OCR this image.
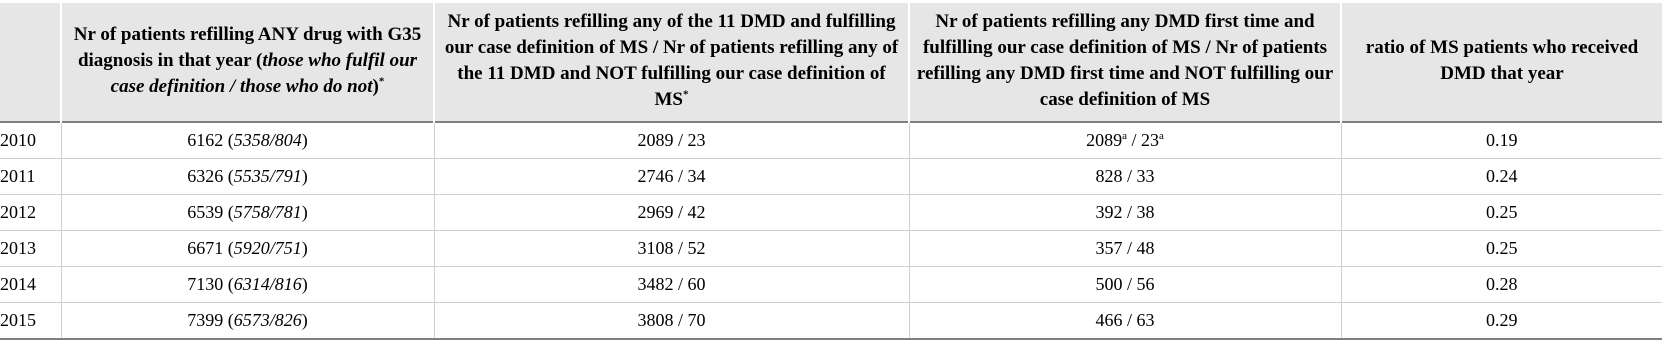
	Nr of patients refilling ANY drug with G35 diagnosis in that year (those who fulfil our case definition / those who do not)*	Nr of patients refilling any of the 11 DMD and fulfilling our case definition of MS / Nr of patients refilling any of the 11 DMD and NOT fulfilling our case definition of MS*	Nr of patients refilling any DMD first time and fulfilling our case definition of MS / Nr of patients refilling any DMD first time and NOT fulfilling our case definition of MS	ratio of MS patients who received DMD that year
2010	6162 (5358/804)	2089 / 23	2089$^a$ / 23$^a$	0.19
2011	6326 (5535/791)	2746 / 34	828 / 33	0.24
2012	6539 (5758/781)	2969 / 42	392 / 38	0.25
2013	6671 (5920/751)	3108 / 52	357 / 48	0.25
2014	7130 (6314/816)	3482 / 60	500 / 56	0.28
2015	7399 (6573/826)	3808 / 70	466 / 63	0.29
